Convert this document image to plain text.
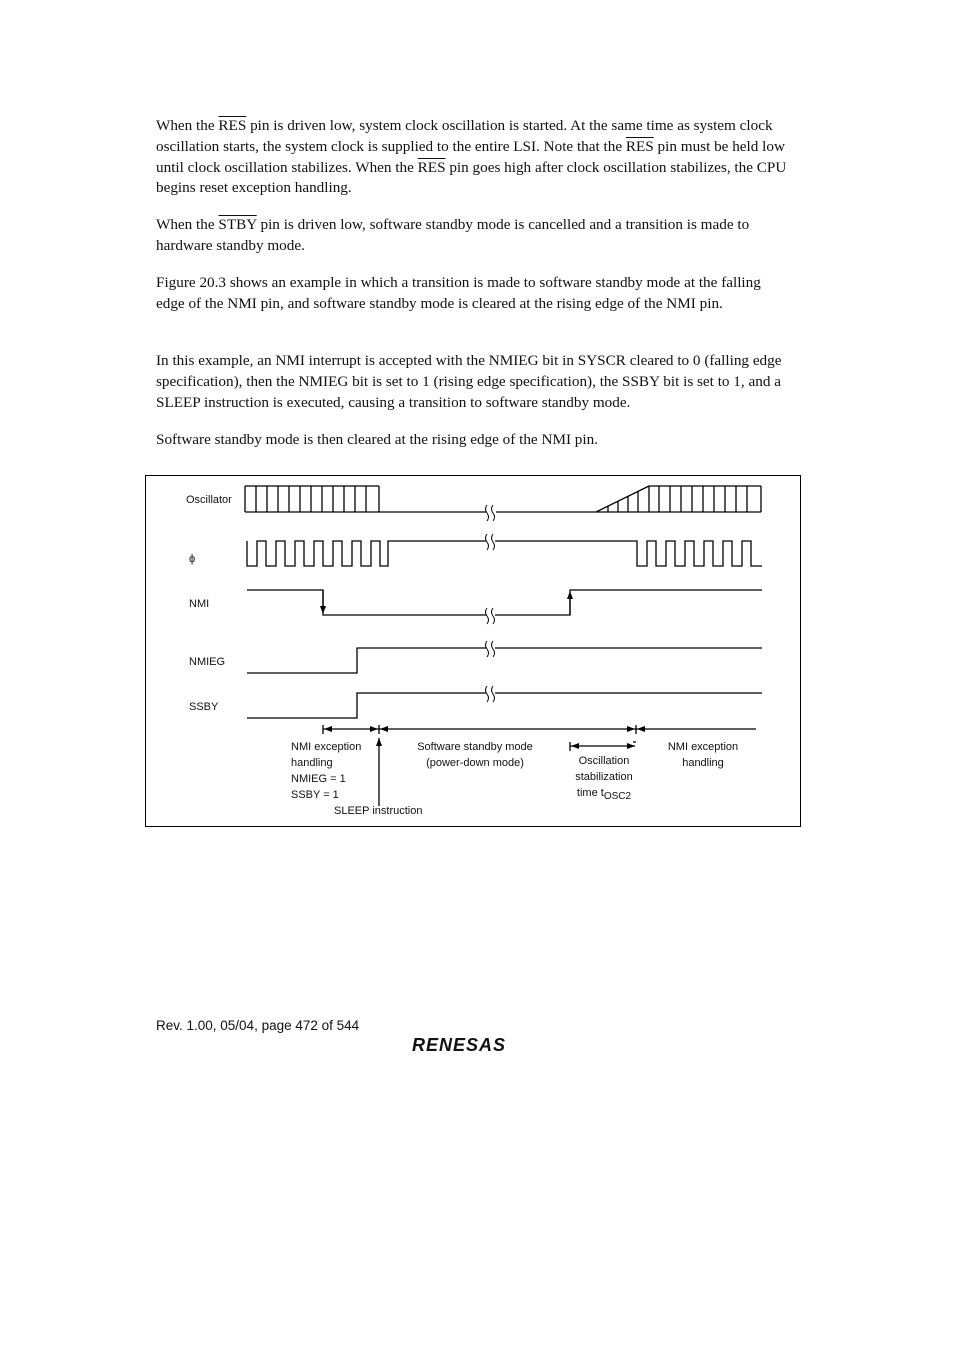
When the $\overline{RES}$ pin is driven low, system clock oscillation is started. At the same time as system clock oscillation starts, the system clock is supplied to the entire LSI. Note that the $\overline{RES}$ pin must be held low until clock oscillation stabilizes. When the $\overline{RES}$ pin goes high after clock oscillation stabilizes, the CPU begins reset exception handling.

When the STBY pin is driven low, software standby mode is cancelled and a transition is made to hardware standby mode.

Figure 20.3 shows an example in which a transition is made to software standby mode at the falling edge of the NMI pin, and software standby mode is cleared at the rising edge of the NMI pin.

In this example, an NMI interrupt is accepted with the NMIEG bit in SYSCR cleared to 0 (falling edge specification), then the NMIEG bit is set to 1 (rising edge specification), the SSBY bit is set to 1, and a SLEEP instruction is executed, causing a transition to software standby mode.

Software standby mode is then cleared at the rising edge of the NMI pin.

Oscillator
ϕ
NMI
NMIEG
SSBY
NMI exception
handling
NMIEG = 1
SSBY = 1
SLEEP instruction
Software standby mode
(power-down mode)	Oscillation
stabilization
time $t_{OSC2}$
NMI exception
handling
Rev. 1.00, 05/04, page 472 of 544
RENESAS
